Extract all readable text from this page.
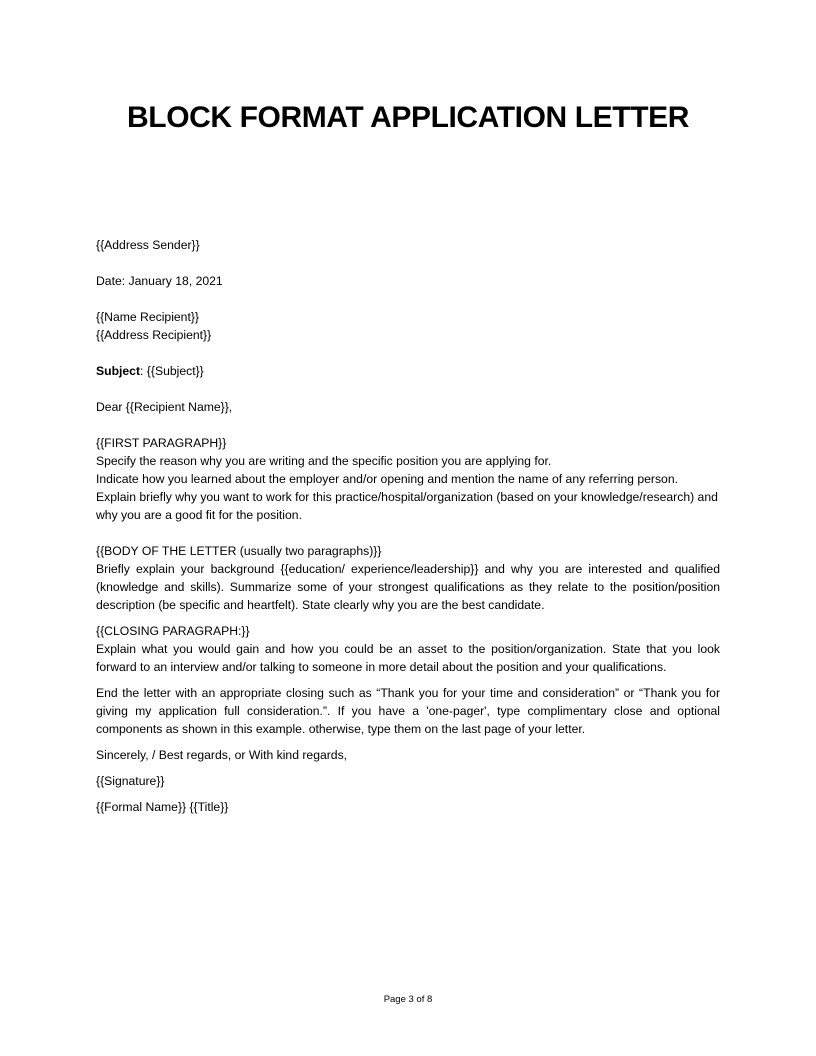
BLOCK FORMAT APPLICATION LETTER
{{Address Sender}}
Date: January 18, 2021
{{Name Recipient}}
{{Address Recipient}}
Subject: {{Subject}}
Dear {{Recipient Name}},
{{FIRST PARAGRAPH}}
Specify the reason why you are writing and the specific position you are applying for.

Indicate how you learned about the employer and/or opening and mention the name of any referring person. Explain briefly why you want to work for this practice/hospital/organization (based on your knowledge/research) and why you are a good fit for the position.

{{BODY OF THE LETTER (usually two paragraphs)}}

Briefly explain your background {{education/ experience/leadership}} and why you are interested and qualified (knowledge and skills). Summarize some of your strongest qualifications as they relate to the position/position description (be specific and heartfelt). State clearly why you are the best candidate.

{{CLOSING PARAGRAPH:}}

Explain what you would gain and how you could be an asset to the position/organization. State that you look forward to an interview and/or talking to someone in more detail about the position and your qualifications.

End the letter with an appropriate closing such as “Thank you for your time and consideration” or “Thank you for giving my application full consideration.”. If you have a 'one-pager', type complimentary close and optional components as shown in this example. otherwise, type them on the last page of your letter.

Sincerely, / Best regards, or With kind regards,
{{Signature}}
{{Formal Name}} {{Title}}
Page 3 of 8
